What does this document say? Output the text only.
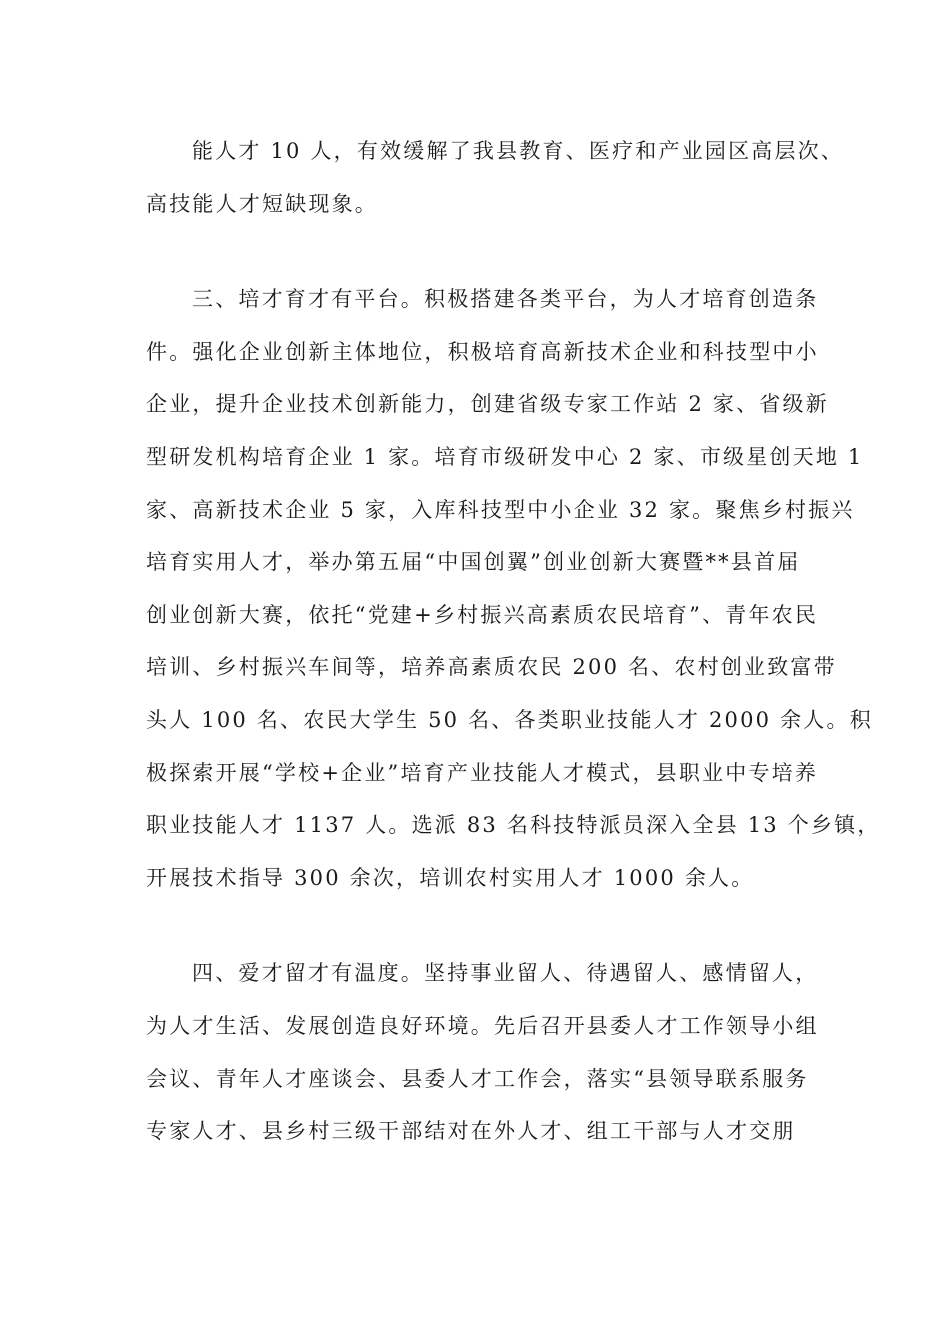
能人才 10 人，有效缓解了我县教育、医疗和产业园区高层次、
高技能人才短缺现象。
三、培才育才有平台。积极搭建各类平台，为人才培育创造条
件。强化企业创新主体地位，积极培育高新技术企业和科技型中小
企业，提升企业技术创新能力，创建省级专家工作站 2 家、省级新
型研发机构培育企业 1 家。培育市级研发中心 2 家、市级星创天地 1
家、高新技术企业 5 家，入库科技型中小企业 32 家。聚焦乡村振兴
培育实用人才，举办第五届“中国创翼”创业创新大赛暨**县首届
创业创新大赛，依托“党建+乡村振兴高素质农民培育”、青年农民
培训、乡村振兴车间等，培养高素质农民 200 名、农村创业致富带
头人 100 名、农民大学生 50 名、各类职业技能人才 2000 余人。积
极探索开展“学校+企业”培育产业技能人才模式，县职业中专培养
职业技能人才 1137 人。选派 83 名科技特派员深入全县 13 个乡镇，
开展技术指导 300 余次，培训农村实用人才 1000 余人。
四、爱才留才有温度。坚持事业留人、待遇留人、感情留人，
为人才生活、发展创造良好环境。先后召开县委人才工作领导小组
会议、青年人才座谈会、县委人才工作会，落实“县领导联系服务
专家人才、县乡村三级干部结对在外人才、组工干部与人才交朋
